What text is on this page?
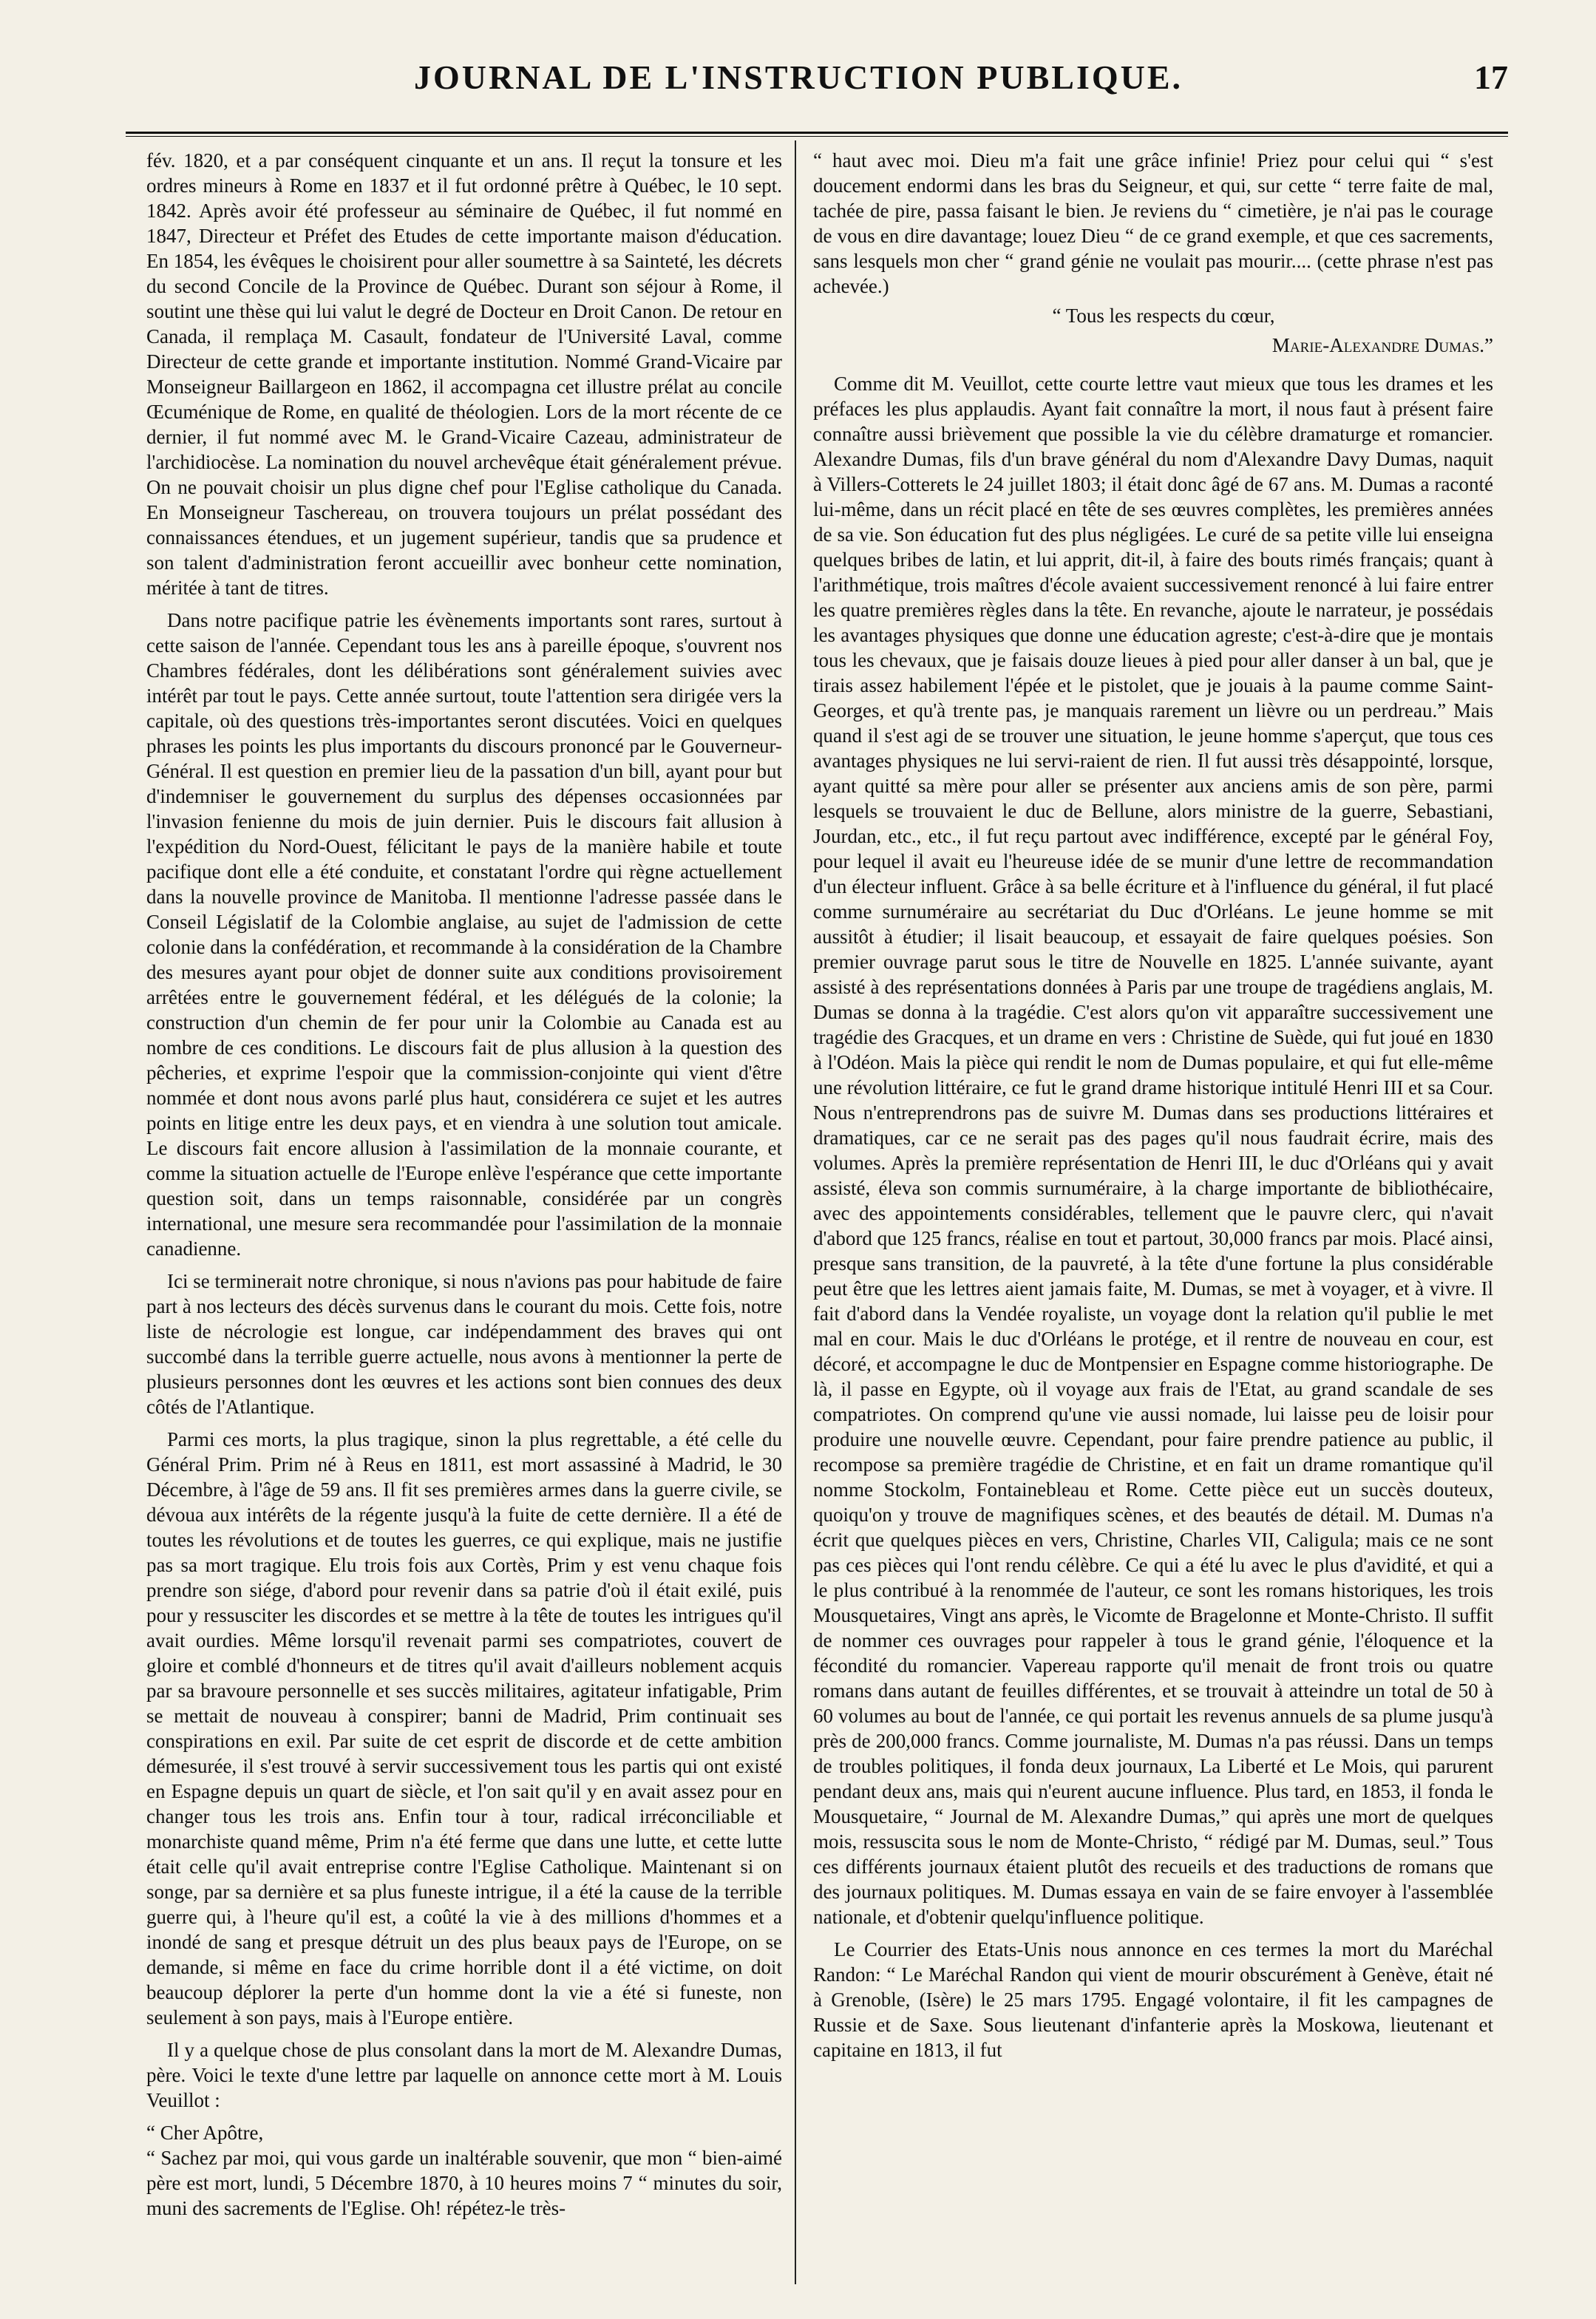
JOURNAL DE L'INSTRUCTION PUBLIQUE.	17

fév. 1820, et a par conséquent cinquante et un ans. Il reçut la tonsure et les ordres mineurs à Rome en 1837 et il fut ordonné prêtre à Québec, le 10 sept. 1842. Après avoir été professeur au séminaire de Québec, il fut nommé en 1847, Directeur et Préfet des Etudes de cette importante maison d'éducation. En 1854, les évêques le choisirent pour aller soumettre à sa Sainteté, les décrets du second Concile de la Province de Québec. Durant son séjour à Rome, il soutint une thèse qui lui valut le degré de Docteur en Droit Canon. De retour en Canada, il remplaça M. Casault, fondateur de l'Université Laval, comme Directeur de cette grande et importante institution. Nommé Grand-Vicaire par Monseigneur Baillargeon en 1862, il accompagna cet illustre prélat au concile Œcuménique de Rome, en qualité de théologien. Lors de la mort récente de ce dernier, il fut nommé avec M. le Grand-Vicaire Cazeau, administrateur de l'archidiocèse. La nomination du nouvel archevêque était généralement prévue. On ne pouvait choisir un plus digne chef pour l'Eglise catholique du Canada. En Monseigneur Taschereau, on trouvera toujours un prélat possédant des connaissances étendues, et un jugement supérieur, tandis que sa prudence et son talent d'administration feront accueillir avec bonheur cette nomination, méritée à tant de titres.

Dans notre pacifique patrie les évènements importants sont rares, surtout à cette saison de l'année. Cependant tous les ans à pareille époque, s'ouvrent nos Chambres fédérales, dont les délibérations sont généralement suivies avec intérêt par tout le pays. Cette année surtout, toute l'attention sera dirigée vers la capitale, où des questions très-importantes seront discutées. Voici en quelques phrases les points les plus importants du discours prononcé par le Gouverneur-Général. Il est question en premier lieu de la passation d'un bill, ayant pour but d'indemniser le gouvernement du surplus des dépenses occasionnées par l'invasion fenienne du mois de juin dernier. Puis le discours fait allusion à l'expédition du Nord-Ouest, félicitant le pays de la manière habile et toute pacifique dont elle a été conduite, et constatant l'ordre qui règne actuellement dans la nouvelle province de Manitoba. Il mentionne l'adresse passée dans le Conseil Législatif de la Colombie anglaise, au sujet de l'admission de cette colonie dans la confédération, et recommande à la considération de la Chambre des mesures ayant pour objet de donner suite aux conditions provisoirement arrêtées entre le gouvernement fédéral, et les délégués de la colonie; la construction d'un chemin de fer pour unir la Colombie au Canada est au nombre de ces conditions. Le discours fait de plus allusion à la question des pêcheries, et exprime l'espoir que la commission-conjointe qui vient d'être nommée et dont nous avons parlé plus haut, considérera ce sujet et les autres points en litige entre les deux pays, et en viendra à une solution tout amicale. Le discours fait encore allusion à l'assimilation de la monnaie courante, et comme la situation actuelle de l'Europe enlève l'espérance que cette importante question soit, dans un temps raisonnable, considérée par un congrès international, une mesure sera recommandée pour l'assimilation de la monnaie canadienne.

Ici se terminerait notre chronique, si nous n'avions pas pour habitude de faire part à nos lecteurs des décès survenus dans le courant du mois. Cette fois, notre liste de nécrologie est longue, car indépendamment des braves qui ont succombé dans la terrible guerre actuelle, nous avons à mentionner la perte de plusieurs personnes dont les œuvres et les actions sont bien connues des deux côtés de l'Atlantique.

Parmi ces morts, la plus tragique, sinon la plus regrettable, a été celle du Général Prim. Prim né à Reus en 1811, est mort assassiné à Madrid, le 30 Décembre, à l'âge de 59 ans. Il fit ses premières armes dans la guerre civile, se dévoua aux intérêts de la régente jusqu'à la fuite de cette dernière. Il a été de toutes les révolutions et de toutes les guerres, ce qui explique, mais ne justifie pas sa mort tragique. Elu trois fois aux Cortès, Prim y est venu chaque fois prendre son siége, d'abord pour revenir dans sa patrie d'où il était exilé, puis pour y ressusciter les discordes et se mettre à la tête de toutes les intrigues qu'il avait ourdies. Même lorsqu'il revenait parmi ses compatriotes, couvert de gloire et comblé d'honneurs et de titres qu'il avait d'ailleurs noblement acquis par sa bravoure personnelle et ses succès militaires, agitateur infatigable, Prim se mettait de nouveau à conspirer; banni de Madrid, Prim continuait ses conspirations en exil. Par suite de cet esprit de discorde et de cette ambition démesurée, il s'est trouvé à servir successivement tous les partis qui ont existé en Espagne depuis un quart de siècle, et l'on sait qu'il y en avait assez pour en changer tous les trois ans. Enfin tour à tour, radical irréconciliable et monarchiste quand même, Prim n'a été ferme que dans une lutte, et cette lutte était celle qu'il avait entreprise contre l'Eglise Catholique. Maintenant si on songe, par sa dernière et sa plus funeste intrigue, il a été la cause de la terrible guerre qui, à l'heure qu'il est, a coûté la vie à des millions d'hommes et a inondé de sang et presque détruit un des plus beaux pays de l'Europe, on se demande, si même en face du crime horrible dont il a été victime, on doit beaucoup déplorer la perte d'un homme dont la vie a été si funeste, non seulement à son pays, mais à l'Europe entière.

Il y a quelque chose de plus consolant dans la mort de M. Alexandre Dumas, père. Voici le texte d'une lettre par laquelle on annonce cette mort à M. Louis Veuillot :

“ Cher Apôtre,

“ Sachez par moi, qui vous garde un inaltérable souvenir, que mon “ bien-aimé père est mort, lundi, 5 Décembre 1870, à 10 heures moins 7 “ minutes du soir, muni des sacrements de l'Eglise. Oh! répétez-le très-

“ haut avec moi. Dieu m'a fait une grâce infinie! Priez pour celui qui “ s'est doucement endormi dans les bras du Seigneur, et qui, sur cette “ terre faite de mal, tachée de pire, passa faisant le bien. Je reviens du “ cimetière, je n'ai pas le courage de vous en dire davantage; louez Dieu “ de ce grand exemple, et que ces sacrements, sans lesquels mon cher “ grand génie ne voulait pas mourir.... (cette phrase n'est pas achevée.)

“ Tous les respects du cœur,

Marie-Alexandre Dumas.”

Comme dit M. Veuillot, cette courte lettre vaut mieux que tous les drames et les préfaces les plus applaudis. Ayant fait connaître la mort, il nous faut à présent faire connaître aussi brièvement que possible la vie du célèbre dramaturge et romancier. Alexandre Dumas, fils d'un brave général du nom d'Alexandre Davy Dumas, naquit à Villers-Cotterets le 24 juillet 1803; il était donc âgé de 67 ans. M. Dumas a raconté lui-même, dans un récit placé en tête de ses œuvres complètes, les premières années de sa vie. Son éducation fut des plus négligées. Le curé de sa petite ville lui enseigna quelques bribes de latin, et lui apprit, dit-il, à faire des bouts rimés français; quant à l'arithmétique, trois maîtres d'école avaient successivement renoncé à lui faire entrer les quatre premières règles dans la tête. En revanche, ajoute le narrateur, je possédais les avantages physiques que donne une éducation agreste; c'est-à-dire que je montais tous les chevaux, que je faisais douze lieues à pied pour aller danser à un bal, que je tirais assez habilement l'épée et le pistolet, que je jouais à la paume comme Saint-Georges, et qu'à trente pas, je manquais rarement un lièvre ou un perdreau.” Mais quand il s'est agi de se trouver une situation, le jeune homme s'aperçut, que tous ces avantages physiques ne lui servi-raient de rien. Il fut aussi très désappointé, lorsque, ayant quitté sa mère pour aller se présenter aux anciens amis de son père, parmi lesquels se trouvaient le duc de Bellune, alors ministre de la guerre, Sebastiani, Jourdan, etc., etc., il fut reçu partout avec indifférence, excepté par le général Foy, pour lequel il avait eu l'heureuse idée de se munir d'une lettre de recommandation d'un électeur influent. Grâce à sa belle écriture et à l'influence du général, il fut placé comme surnuméraire au secrétariat du Duc d'Orléans. Le jeune homme se mit aussitôt à étudier; il lisait beaucoup, et essayait de faire quelques poésies. Son premier ouvrage parut sous le titre de Nouvelle en 1825. L'année suivante, ayant assisté à des représentations données à Paris par une troupe de tragédiens anglais, M. Dumas se donna à la tragédie. C'est alors qu'on vit apparaître successivement une tragédie des Gracques, et un drame en vers : Christine de Suède, qui fut joué en 1830 à l'Odéon. Mais la pièce qui rendit le nom de Dumas populaire, et qui fut elle-même une révolution littéraire, ce fut le grand drame historique intitulé Henri III et sa Cour. Nous n'entreprendrons pas de suivre M. Dumas dans ses productions littéraires et dramatiques, car ce ne serait pas des pages qu'il nous faudrait écrire, mais des volumes. Après la première représentation de Henri III, le duc d'Orléans qui y avait assisté, éleva son commis surnuméraire, à la charge importante de bibliothécaire, avec des appointements considérables, tellement que le pauvre clerc, qui n'avait d'abord que 125 francs, réalise en tout et partout, 30,000 francs par mois. Placé ainsi, presque sans transition, de la pauvreté, à la tête d'une fortune la plus considérable peut être que les lettres aient jamais faite, M. Dumas, se met à voyager, et à vivre. Il fait d'abord dans la Vendée royaliste, un voyage dont la relation qu'il publie le met mal en cour. Mais le duc d'Orléans le protége, et il rentre de nouveau en cour, est décoré, et accompagne le duc de Montpensier en Espagne comme historiographe. De là, il passe en Egypte, où il voyage aux frais de l'Etat, au grand scandale de ses compatriotes. On comprend qu'une vie aussi nomade, lui laisse peu de loisir pour produire une nouvelle œuvre. Cependant, pour faire prendre patience au public, il recompose sa première tragédie de Christine, et en fait un drame romantique qu'il nomme Stockolm, Fontainebleau et Rome. Cette pièce eut un succès douteux, quoiqu'on y trouve de magnifiques scènes, et des beautés de détail. M. Dumas n'a écrit que quelques pièces en vers, Christine, Charles VII, Caligula; mais ce ne sont pas ces pièces qui l'ont rendu célèbre. Ce qui a été lu avec le plus d'avidité, et qui a le plus contribué à la renommée de l'auteur, ce sont les romans historiques, les trois Mousquetaires, Vingt ans après, le Vicomte de Bragelonne et Monte-Christo. Il suffit de nommer ces ouvrages pour rappeler à tous le grand génie, l'éloquence et la fécondité du romancier. Vapereau rapporte qu'il menait de front trois ou quatre romans dans autant de feuilles différentes, et se trouvait à atteindre un total de 50 à 60 volumes au bout de l'année, ce qui portait les revenus annuels de sa plume jusqu'à près de 200,000 francs. Comme journaliste, M. Dumas n'a pas réussi. Dans un temps de troubles politiques, il fonda deux journaux, La Liberté et Le Mois, qui parurent pendant deux ans, mais qui n'eurent aucune influence. Plus tard, en 1853, il fonda le Mousquetaire, “ Journal de M. Alexandre Dumas,” qui après une mort de quelques mois, ressuscita sous le nom de Monte-Christo, “ rédigé par M. Dumas, seul.” Tous ces différents journaux étaient plutôt des recueils et des traductions de romans que des journaux politiques. M. Dumas essaya en vain de se faire envoyer à l'assemblée nationale, et d'obtenir quelqu'influence politique.

Le Courrier des Etats-Unis nous annonce en ces termes la mort du Maréchal Randon: “ Le Maréchal Randon qui vient de mourir obscurément à Genève, était né à Grenoble, (Isère) le 25 mars 1795. Engagé volontaire, il fit les campagnes de Russie et de Saxe. Sous lieutenant d'infanterie après la Moskowa, lieutenant et capitaine en 1813, il fut
